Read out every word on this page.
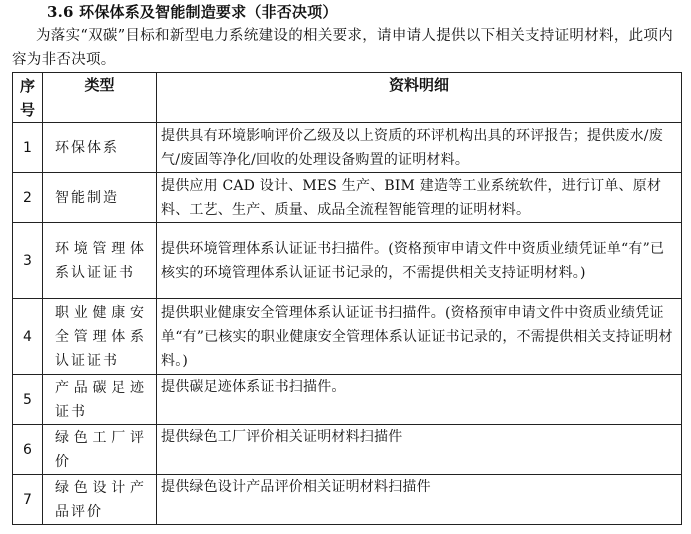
3.6 环保体系及智能制造要求（非否决项）

为落实“双碳”目标和新型电力系统建设的相关要求，请申请人提供以下相关支持证明材料，此项内容为非否决项。

序
号	类型	资料明细
1	环保体系	提供具有环境影响评价乙级及以上资质的环评机构出具的环评报告；提供废水/废气/废固等净化/回收的处理设备购置的证明材料。
2	智能制造	提供应用 CAD 设计、MES 生产、BIM 建造等工业系统软件，进行订单、原材料、工艺、生产、质量、成品全流程智能管理的证明材料。
3	环境管理体系认证证书	提供环境管理体系认证证书扫描件。(资格预审申请文件中资质业绩凭证单“有”已核实的环境管理体系认证证书记录的，不需提供相关支持证明材料。)
4	职业健康安全管理体系认证证书	提供职业健康安全管理体系认证证书扫描件。(资格预审申请文件中资质业绩凭证单“有”已核实的职业健康安全管理体系认证证书记录的，不需提供相关支持证明材料。)
5	产品碳足迹证书	提供碳足迹体系证书扫描件。
6	绿色工厂评价	提供绿色工厂评价相关证明材料扫描件
7	绿色设计产品评价	提供绿色设计产品评价相关证明材料扫描件
